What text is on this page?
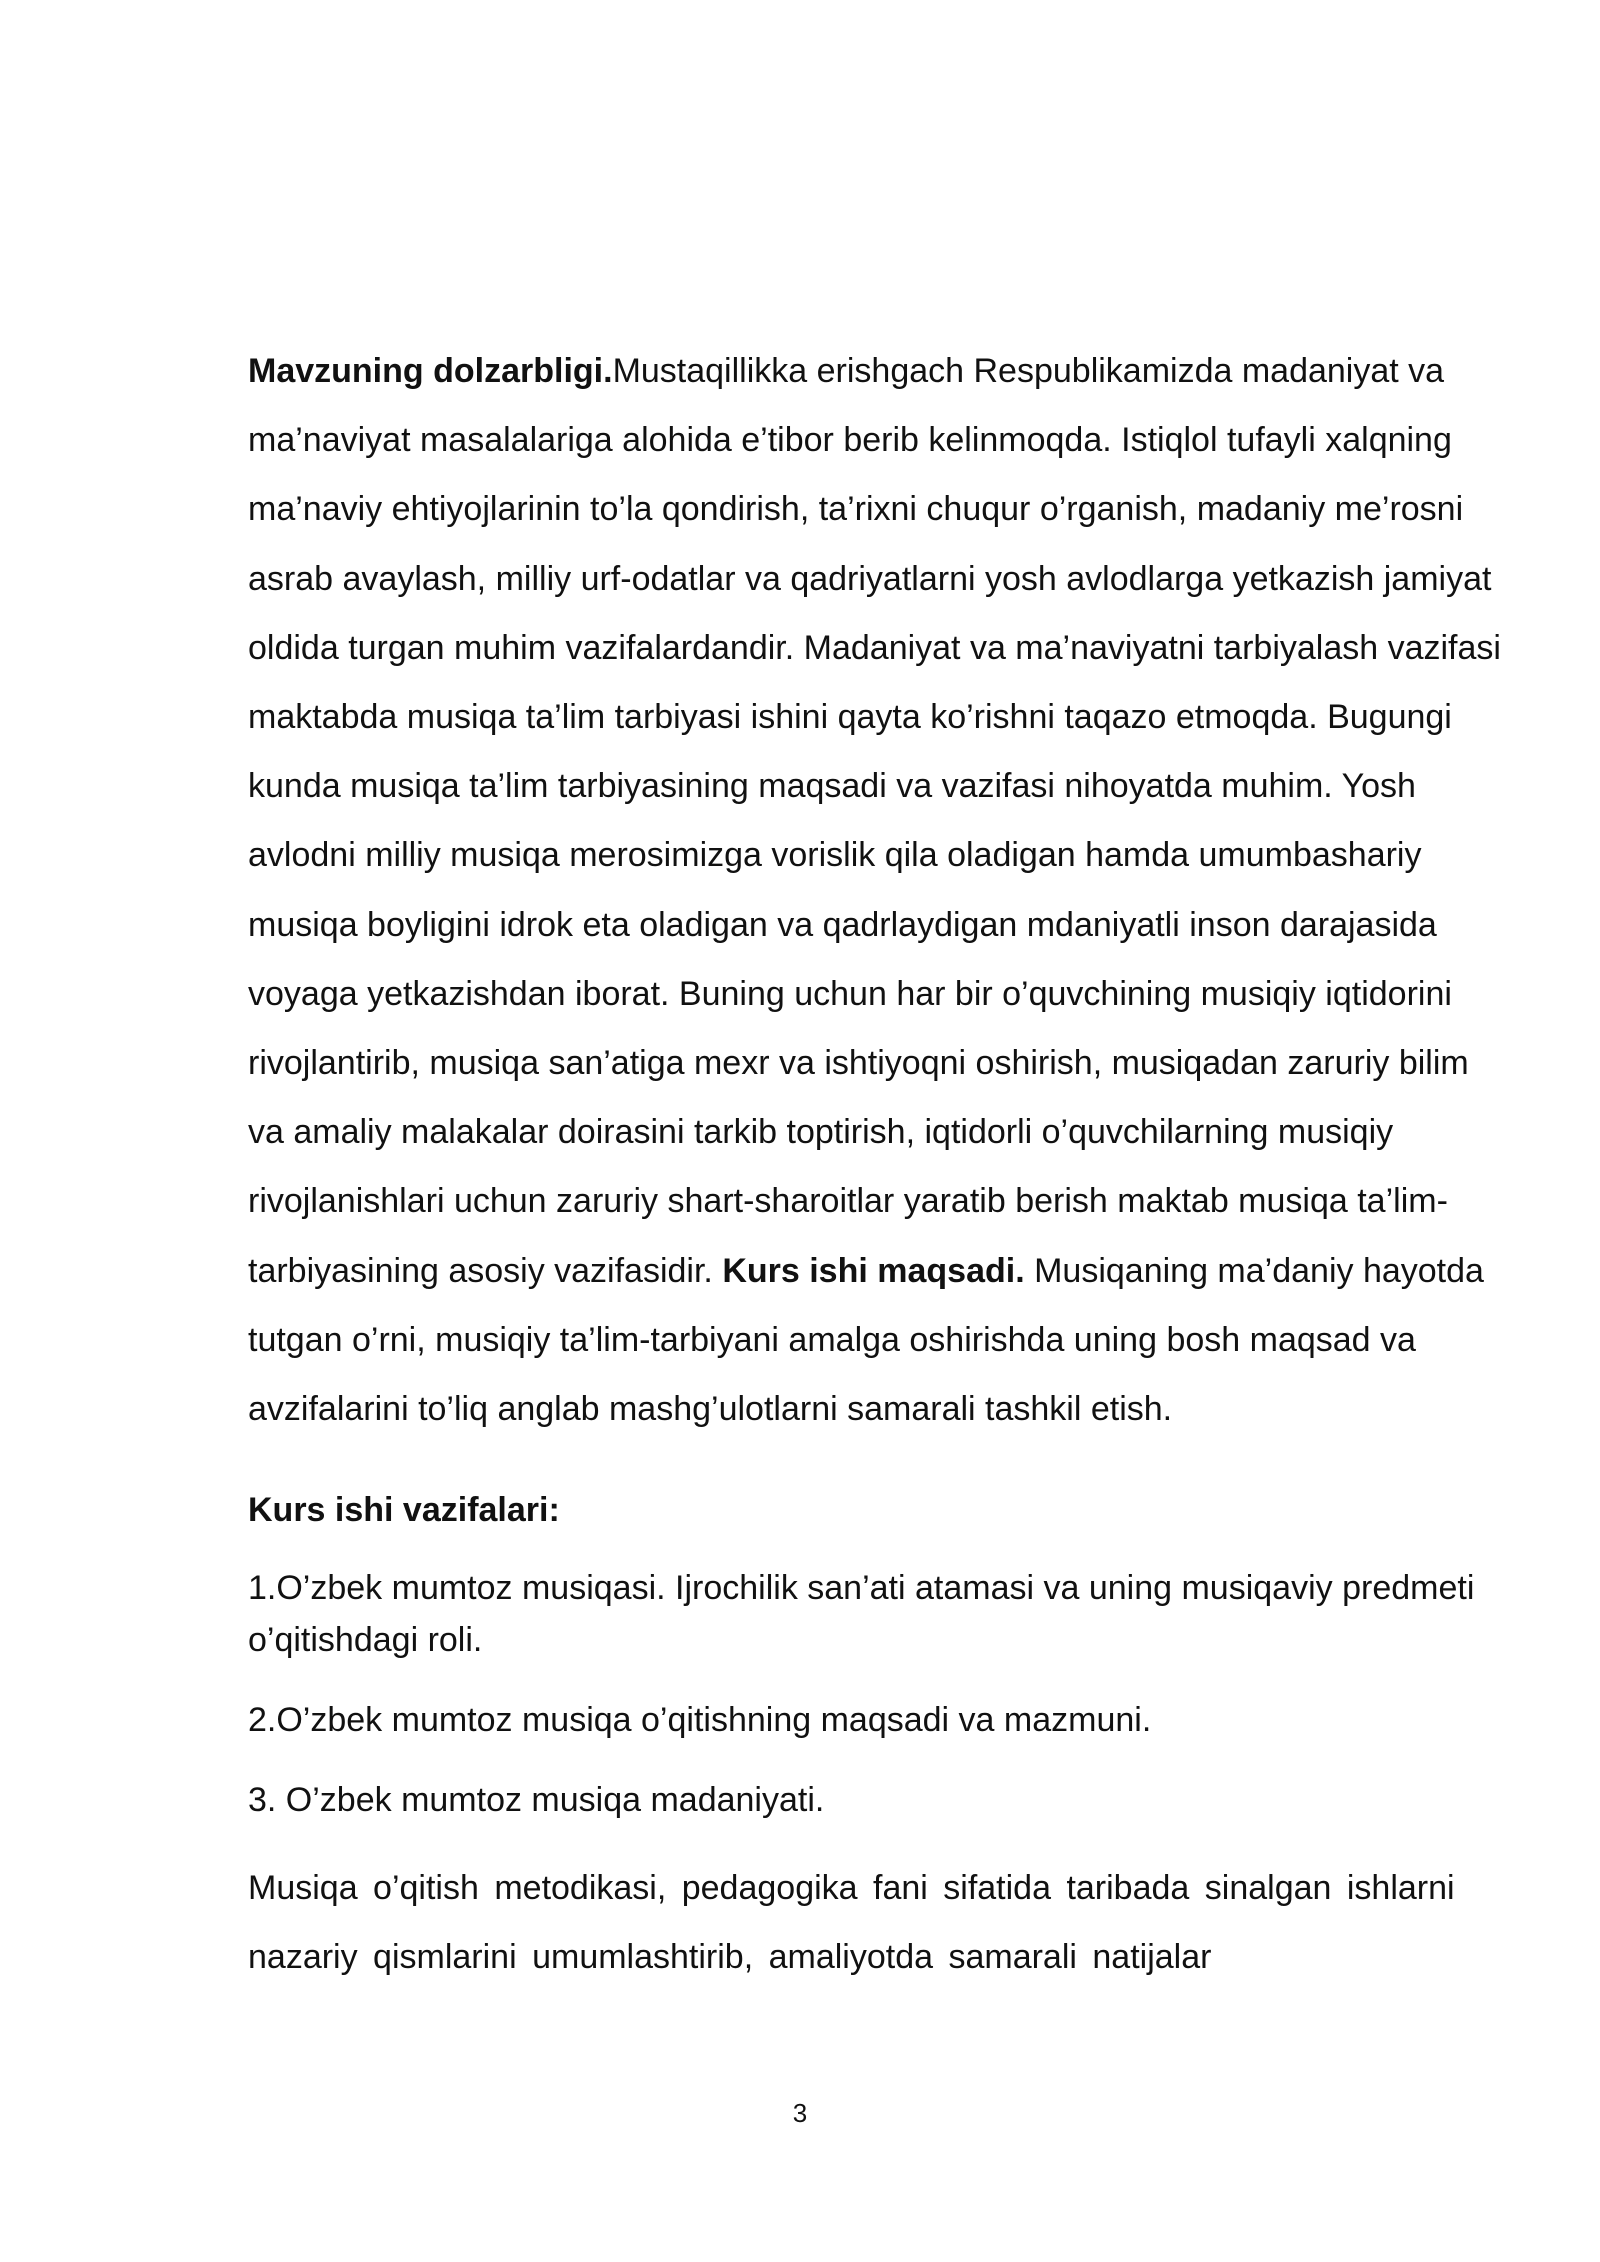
Mavzuning dolzarbligi.Mustaqillikka erishgach Respublikamizda madaniyat va ma’naviyat masalalariga alohida e’tibor berib kelinmoqda. Istiqlol tufayli xalqning ma’naviy ehtiyojlarinin to’la qondirish, ta’rixni chuqur o’rganish, madaniy me’rosni asrab avaylash, milliy urf-odatlar va qadriyatlarni yosh avlodlarga yetkazish jamiyat oldida turgan muhim vazifalardandir. Madaniyat va ma’naviyatni tarbiyalash vazifasi maktabda musiqa ta’lim tarbiyasi ishini qayta ko’rishni taqazo etmoqda. Bugungi kunda musiqa ta’lim tarbiyasining maqsadi va vazifasi nihoyatda muhim. Yosh avlodni milliy musiqa merosimizga vorislik qila oladigan hamda umumbashariy musiqa boyligini idrok eta oladigan va qadrlaydigan mdaniyatli inson darajasida voyaga yetkazishdan iborat. Buning uchun har bir o’quvchining musiqiy iqtidorini rivojlantirib, musiqa san’atiga mexr va ishtiyoqni oshirish, musiqadan zaruriy bilim va amaliy malakalar doirasini tarkib toptirish, iqtidorli o’quvchilarning musiqiy rivojlanishlari uchun zaruriy shart-sharoitlar yaratib berish maktab musiqa ta’lim-tarbiyasining asosiy vazifasidir. Kurs ishi maqsadi. Musiqaning ma’daniy hayotda tutgan o’rni, musiqiy ta’lim-tarbiyani amalga oshirishda uning bosh maqsad va avzifalarini to’liq anglab mashg’ulotlarni samarali tashkil etish.

Kurs ishi vazifalari:

1.O’zbek mumtoz musiqasi. Ijrochilik san’ati atamasi va uning musiqaviy predmeti o’qitishdagi roli.
2.O’zbek mumtoz musiqa o’qitishning maqsadi va mazmuni.
3. O’zbek mumtoz musiqa madaniyati.

Musiqa o’qitish metodikasi, pedagogika fani sifatida taribada sinalgan ishlarni nazariy qismlarini umumlashtirib, amaliyotda samarali natijalar

3
